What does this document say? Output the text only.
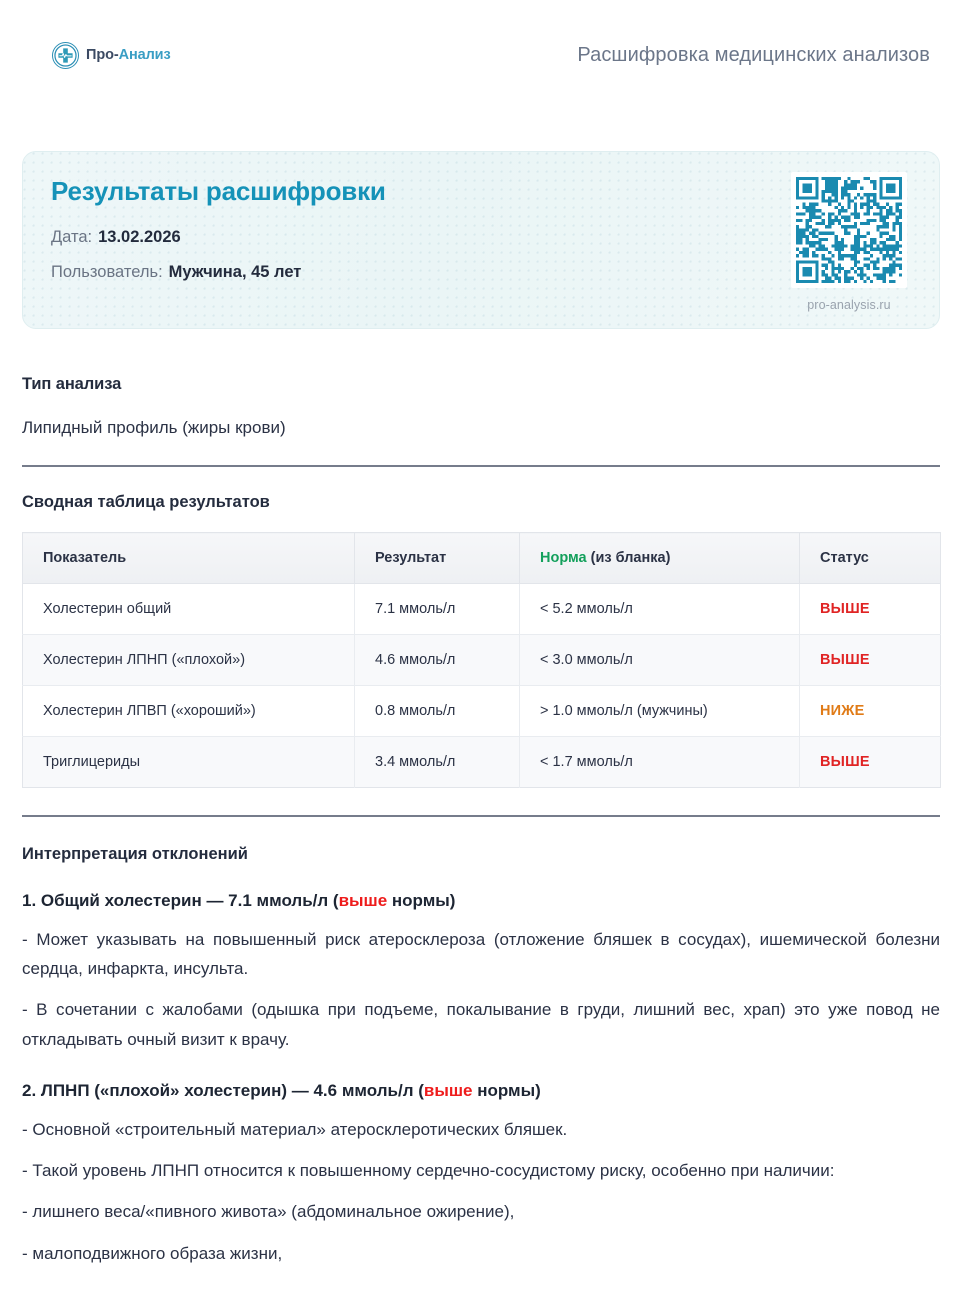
Про-Анализ	Расшифровка медицинских анализов
Результаты расшифровки
Дата: 13.02.2026
Пользователь: Мужчина, 45 лет
pro-analysis.ru
Тип анализа

Липидный профиль (жиры крови)

Сводная таблица результатов
Показатель	Результат	Норма (из бланка)	Статус
Холестерин общий	7.1 ммоль/л	< 5.2 ммоль/л	ВЫШЕ
Холестерин ЛПНП («плохой»)	4.6 ммоль/л	< 3.0 ммоль/л	ВЫШЕ
Холестерин ЛПВП («хороший»)	0.8 ммоль/л	> 1.0 ммоль/л (мужчины)	НИЖЕ
Триглицериды	3.4 ммоль/л	< 1.7 ммоль/л	ВЫШЕ
Интерпретация отклонений
1. Общий холестерин — 7.1 ммоль/л (выше нормы)

- Может указывать на повышенный риск атеросклероза (отложение бляшек в сосудах), ишемической болезни сердца, инфаркта, инсульта.

- В сочетании с жалобами (одышка при подъеме, покалывание в груди, лишний вес, храп) это уже повод не откладывать очный визит к врачу.

2. ЛПНП («плохой» холестерин) — 4.6 ммоль/л (выше нормы)

- Основной «строительный материал» атеросклеротических бляшек.

- Такой уровень ЛПНП относится к повышенному сердечно-сосудистому риску, особенно при наличии:

- лишнего веса/«пивного живота» (абдоминальное ожирение),

- малоподвижного образа жизни,
